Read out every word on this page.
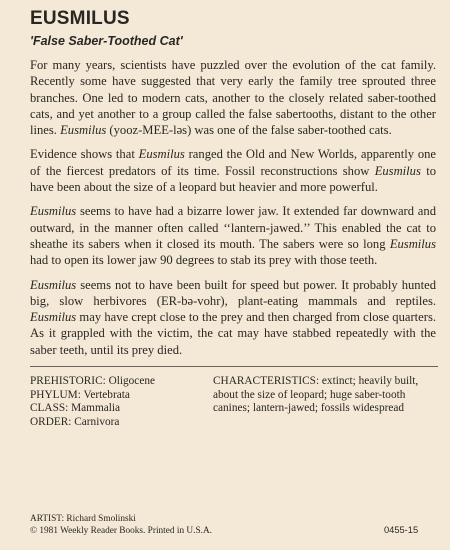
EUSMILUS
'False Saber-Toothed Cat'

For many years, scientists have puzzled over the evolution of the cat family. Recently some have suggested that very early the family tree sprouted three branches. One led to modern cats, another to the closely related saber-toothed cats, and yet another to a group called the false sabertooths, distant to the other lines. Eusmilus (yooz-MEE-ləs) was one of the false saber-toothed cats.

Evidence shows that Eusmilus ranged the Old and New Worlds, apparently one of the fiercest predators of its time. Fossil reconstructions show Eusmilus to have been about the size of a leopard but heavier and more powerful.

Eusmilus seems to have had a bizarre lower jaw. It extended far downward and outward, in the manner often called ‘‘lantern-jawed.’’ This enabled the cat to sheathe its sabers when it closed its mouth. The sabers were so long Eusmilus had to open its lower jaw 90 degrees to stab its prey with those teeth.

Eusmilus seems not to have been built for speed but power. It probably hunted big, slow herbivores (ER-bə-vohr), plant-eating mammals and reptiles. Eusmilus may have crept close to the prey and then charged from close quarters. As it grappled with the victim, the cat may have stabbed repeatedly with the saber teeth, until its prey died.

PREHISTORIC: Oligocene
PHYLUM: Vertebrata
CLASS: Mammalia
ORDER: Carnivora
CHARACTERISTICS: extinct; heavily built, about the size of leopard; huge saber-tooth canines; lantern-jawed; fossils widespread
ARTIST: Richard Smolinski
© 1981 Weekly Reader Books. Printed in U.S.A.	0455-15
